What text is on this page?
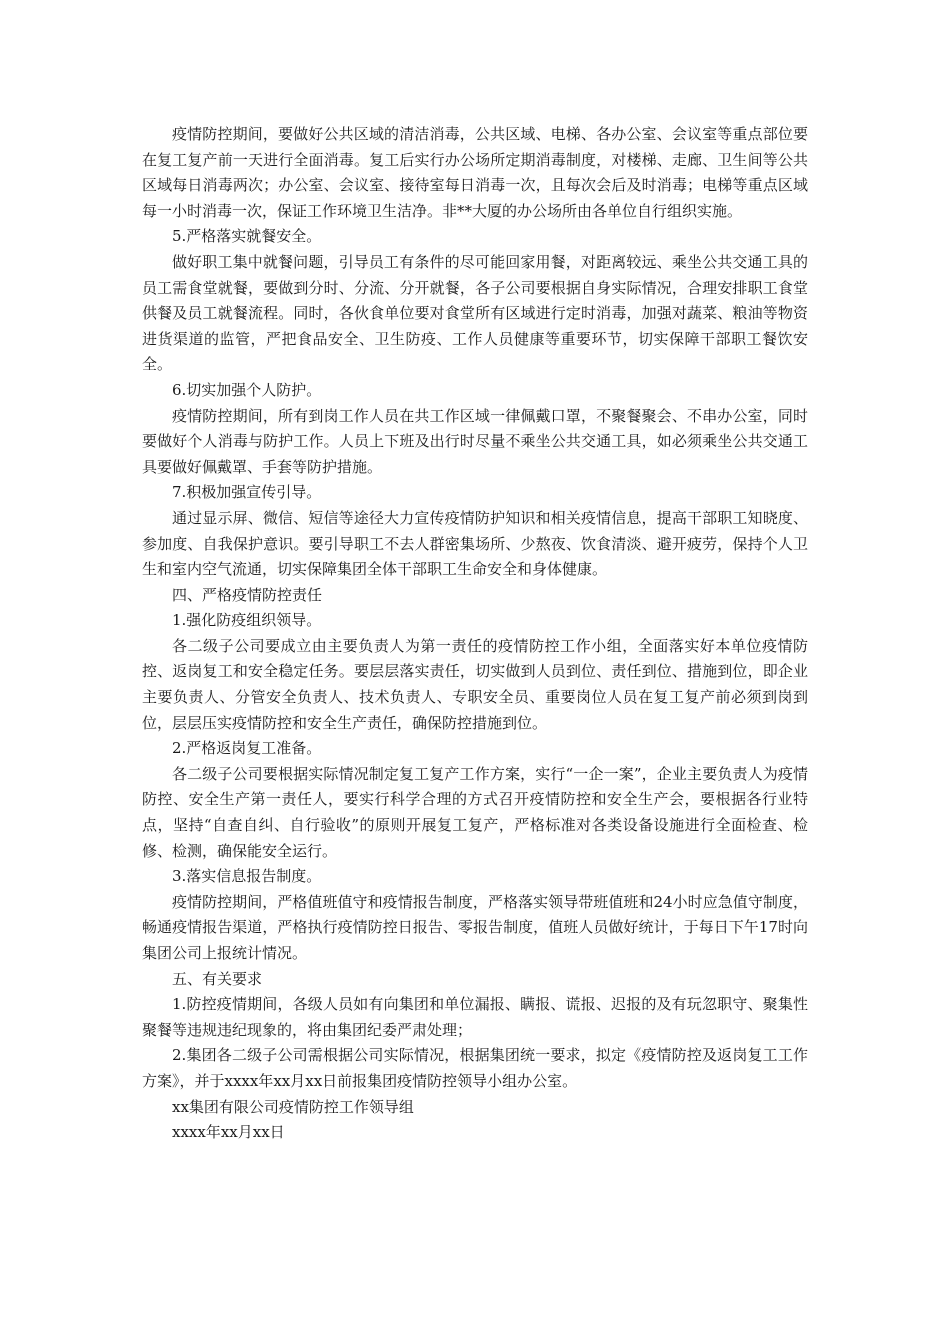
疫情防控期间，要做好公共区域的清洁消毒，公共区域、电梯、各办公室、会议室等重点部位要在复工复产前一天进行全面消毒。复工后实行办公场所定期消毒制度，对楼梯、走廊、卫生间等公共区域每日消毒两次；办公室、会议室、接待室每日消毒一次，且每次会后及时消毒；电梯等重点区域每一小时消毒一次，保证工作环境卫生洁净。非**大厦的办公场所由各单位自行组织实施。

5.严格落实就餐安全。

做好职工集中就餐问题，引导员工有条件的尽可能回家用餐，对距离较远、乘坐公共交通工具的员工需食堂就餐，要做到分时、分流、分开就餐，各子公司要根据自身实际情况，合理安排职工食堂供餐及员工就餐流程。同时，各伙食单位要对食堂所有区域进行定时消毒，加强对蔬菜、粮油等物资进货渠道的监管，严把食品安全、卫生防疫、工作人员健康等重要环节，切实保障干部职工餐饮安全。

6.切实加强个人防护。

疫情防控期间，所有到岗工作人员在共工作区域一律佩戴口罩，不聚餐聚会、不串办公室，同时要做好个人消毒与防护工作。人员上下班及出行时尽量不乘坐公共交通工具，如必须乘坐公共交通工具要做好佩戴罩、手套等防护措施。

7.积极加强宣传引导。

通过显示屏、微信、短信等途径大力宣传疫情防护知识和相关疫情信息，提高干部职工知晓度、参加度、自我保护意识。要引导职工不去人群密集场所、少熬夜、饮食清淡、避开疲劳，保持个人卫生和室内空气流通，切实保障集团全体干部职工生命安全和身体健康。

四、严格疫情防控责任

1.强化防疫组织领导。

各二级子公司要成立由主要负责人为第一责任的疫情防控工作小组，全面落实好本单位疫情防控、返岗复工和安全稳定任务。要层层落实责任，切实做到人员到位、责任到位、措施到位，即企业主要负责人、分管安全负责人、技术负责人、专职安全员、重要岗位人员在复工复产前必须到岗到位，层层压实疫情防控和安全生产责任，确保防控措施到位。

2.严格返岗复工准备。

各二级子公司要根据实际情况制定复工复产工作方案，实行“一企一案”，企业主要负责人为疫情防控、安全生产第一责任人，要实行科学合理的方式召开疫情防控和安全生产会，要根据各行业特点，坚持“自查自纠、自行验收”的原则开展复工复产，严格标准对各类设备设施进行全面检查、检修、检测，确保能安全运行。

3.落实信息报告制度。

疫情防控期间，严格值班值守和疫情报告制度，严格落实领导带班值班和24小时应急值守制度，畅通疫情报告渠道，严格执行疫情防控日报告、零报告制度，值班人员做好统计，于每日下午17时向集团公司上报统计情况。

五、有关要求

1.防控疫情期间，各级人员如有向集团和单位漏报、瞒报、谎报、迟报的及有玩忽职守、聚集性聚餐等违规违纪现象的，将由集团纪委严肃处理；

2.集团各二级子公司需根据公司实际情况，根据集团统一要求，拟定《疫情防控及返岗复工工作方案》，并于xxxx年xx月xx日前报集团疫情防控领导小组办公室。

xx集团有限公司疫情防控工作领导组

xxxx年xx月xx日
